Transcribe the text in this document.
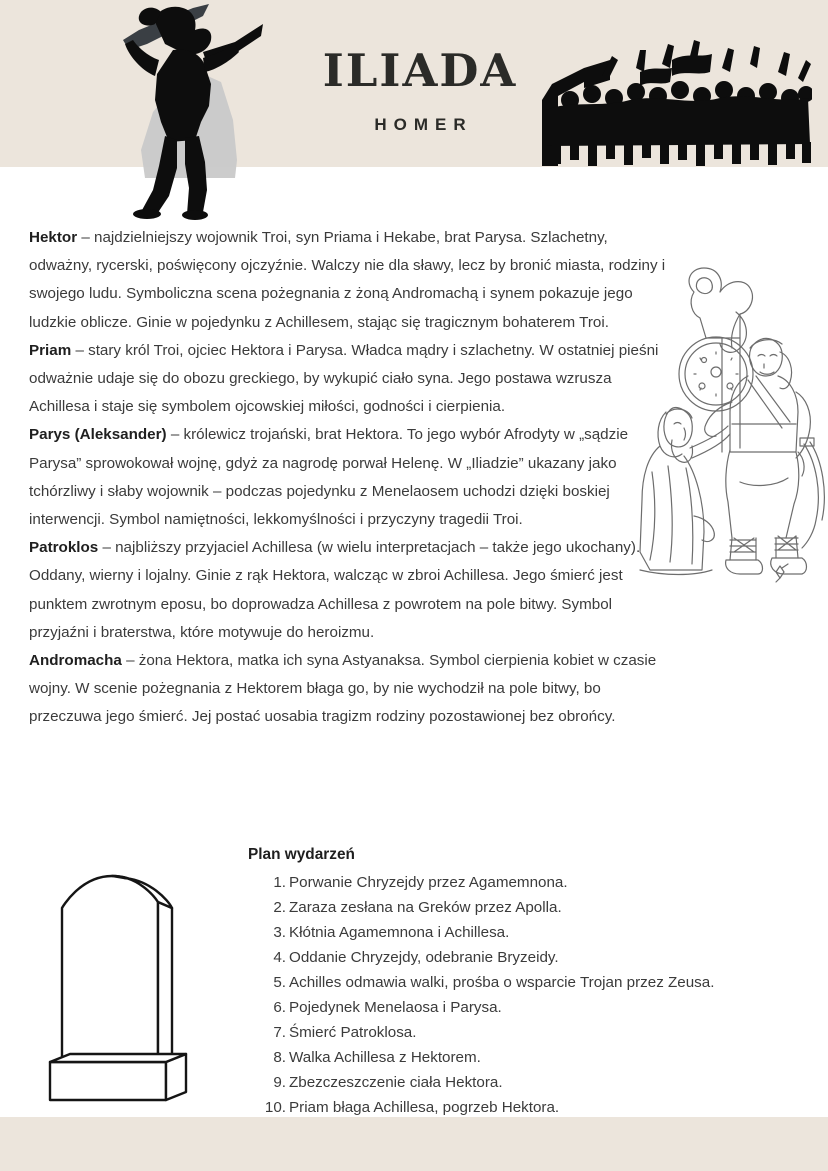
ILIADA
HOMER

Hektor – najdzielniejszy wojownik Troi, syn Priama i Hekabe, brat Parysa. Szlachetny, odważny, rycerski, poświęcony ojczyźnie. Walczy nie dla sławy, lecz by bronić miasta, rodziny i swojego ludu. Symboliczna scena pożegnania z żoną Andromachą i synem pokazuje jego ludzkie oblicze. Ginie w pojedynku z Achillesem, stając się tragicznym bohaterem Troi.

Priam – stary król Troi, ojciec Hektora i Parysa. Władca mądry i szlachetny. W ostatniej pieśni odważnie udaje się do obozu greckiego, by wykupić ciało syna. Jego postawa wzrusza Achillesa i staje się symbolem ojcowskiej miłości, godności i cierpienia.

Parys (Aleksander) – królewicz trojański, brat Hektora. To jego wybór Afrodyty w „sądzie Parysa” sprowokował wojnę, gdyż za nagrodę porwał Helenę. W „Iliadzie” ukazany jako tchórzliwy i słaby wojownik – podczas pojedynku z Menelaosem uchodzi dzięki boskiej interwencji. Symbol namiętności, lekkomyślności i przyczyny tragedii Troi.

Patroklos – najbliższy przyjaciel Achillesa (w wielu interpretacjach – także jego ukochany). Oddany, wierny i lojalny. Ginie z rąk Hektora, walcząc w zbroi Achillesa. Jego śmierć jest punktem zwrotnym eposu, bo doprowadza Achillesa z powrotem na pole bitwy. Symbol przyjaźni i braterstwa, które motywuje do heroizmu.

Andromacha – żona Hektora, matka ich syna Astyanaksa. Symbol cierpienia kobiet w czasie wojny. W scenie pożegnania z Hektorem błaga go, by nie wychodził na pole bitwy, bo przeczuwa jego śmierć. Jej postać uosabia tragizm rodziny pozostawionej bez obrońcy.

Plan wydarzeń
1. Porwanie Chryzejdy przez Agamemnona.
2. Zaraza zesłana na Greków przez Apolla.
3. Kłótnia Agamemnona i Achillesa.
4. Oddanie Chryzejdy, odebranie Bryzeidy.
5. Achilles odmawia walki, prośba o wsparcie Trojan przez Zeusa.
6. Pojedynek Menelaosa i Parysa.
7. Śmierć Patroklosa.
8. Walka Achillesa z Hektorem.
9. Zbezczeszczenie ciała Hektora.
10. Priam błaga Achillesa, pogrzeb Hektora.
